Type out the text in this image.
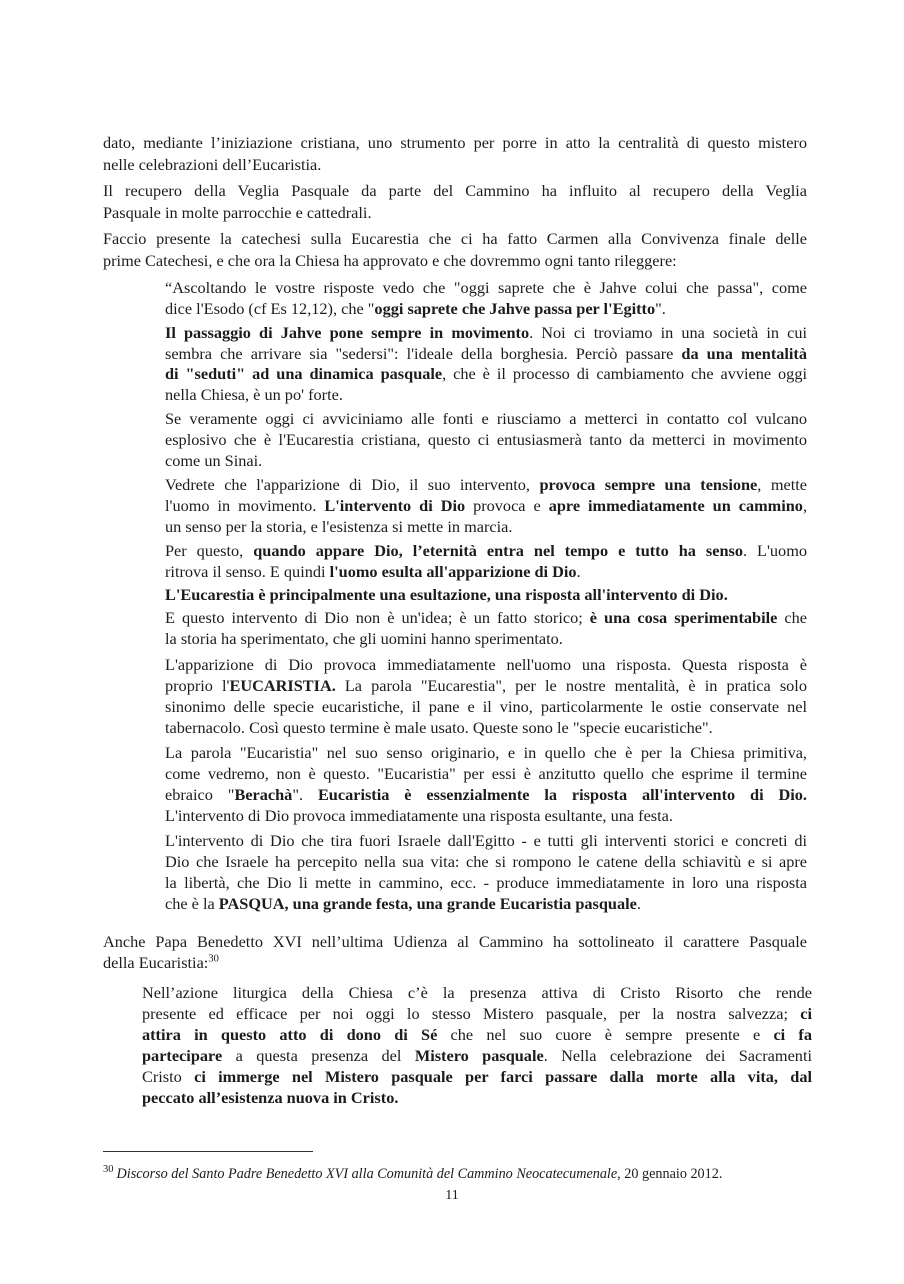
dato, mediante l’iniziazione cristiana, uno strumento per porre in atto la centralità di questo mistero
nelle celebrazioni dell’Eucaristia.
Il recupero della Veglia Pasquale da parte del Cammino ha influito al recupero della Veglia
Pasquale in molte parrocchie e cattedrali.
Faccio presente la catechesi sulla Eucarestia che ci ha fatto Carmen alla Convivenza finale delle
prime Catechesi, e che ora la Chiesa ha approvato e che dovremmo ogni tanto rileggere:
“Ascoltando le vostre risposte vedo che "oggi saprete che è Jahve colui che passa", come
dice l'Esodo (cf Es 12,12), che "oggi saprete che Jahve passa per l'Egitto".
Il passaggio di Jahve pone sempre in movimento. Noi ci troviamo in una società in cui
sembra che arrivare sia "sedersi": l'ideale della borghesia. Perciò passare da una mentalità
di "seduti" ad una dinamica pasquale, che è il processo di cambiamento che avviene oggi
nella Chiesa, è un po' forte.
Se veramente oggi ci avviciniamo alle fonti e riusciamo a metterci in contatto col vulcano
esplosivo che è l'Eucarestia cristiana, questo ci entusiasmerà tanto da metterci in movimento
come un Sinai.
Vedrete che l'apparizione di Dio, il suo intervento, provoca sempre una tensione, mette
l'uomo in movimento. L'intervento di Dio provoca e apre immediatamente un cammino,
un senso per la storia, e l'esistenza si mette in marcia.
Per questo, quando appare Dio, l’eternità entra nel tempo e tutto ha senso. L'uomo
ritrova il senso. E quindi l'uomo esulta all'apparizione di Dio.
L'Eucarestia è principalmente una esultazione, una risposta all'intervento di Dio.
E questo intervento di Dio non è un'idea; è un fatto storico; è una cosa sperimentabile che
la storia ha sperimentato, che gli uomini hanno sperimentato.
L'apparizione di Dio provoca immediatamente nell'uomo una risposta. Questa risposta è
proprio l'EUCARISTIA. La parola "Eucarestia", per le nostre mentalità, è in pratica solo
sinonimo delle specie eucaristiche, il pane e il vino, particolarmente le ostie conservate nel
tabernacolo. Così questo termine è male usato. Queste sono le "specie eucaristiche".
La parola "Eucaristia" nel suo senso originario, e in quello che è per la Chiesa primitiva,
come vedremo, non è questo. "Eucaristia" per essi è anzitutto quello che esprime il termine
ebraico "Berachà". Eucaristia è essenzialmente la risposta all'intervento di Dio.
L'intervento di Dio provoca immediatamente una risposta esultante, una festa.
L'intervento di Dio che tira fuori Israele dall'Egitto - e tutti gli interventi storici e concreti di
Dio che Israele ha percepito nella sua vita: che si rompono le catene della schiavitù e si apre
la libertà, che Dio li mette in cammino, ecc. - produce immediatamente in loro una risposta
che è la PASQUA, una grande festa, una grande Eucaristia pasquale.
Anche Papa Benedetto XVI nell’ultima Udienza al Cammino ha sottolineato il carattere Pasquale
della Eucaristia:$^{30}$
Nell’azione liturgica della Chiesa c’è la presenza attiva di Cristo Risorto che rende
presente ed efficace per noi oggi lo stesso Mistero pasquale, per la nostra salvezza; ci
attira in questo atto di dono di Sé che nel suo cuore è sempre presente e ci fa
partecipare a questa presenza del Mistero pasquale. Nella celebrazione dei Sacramenti
Cristo ci immerge nel Mistero pasquale per farci passare dalla morte alla vita, dal
peccato all’esistenza nuova in Cristo.
$^{30}$ Discorso del Santo Padre Benedetto XVI alla Comunità del Cammino Neocatecumenale, 20 gennaio 2012.
11
